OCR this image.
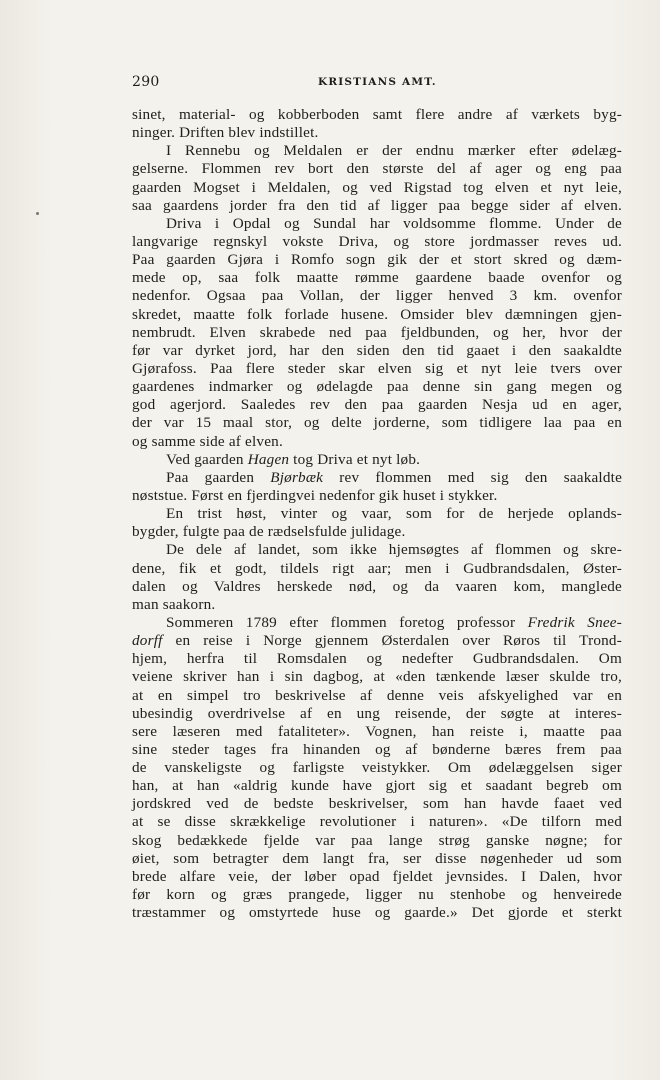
290	KRISTIANS AMT.
sinet, material- og kobberboden samt flere andre af værkets byg-
ninger. Driften blev indstillet.
I Rennebu og Meldalen er der endnu mærker efter ødelæg-
gelserne. Flommen rev bort den største del af ager og eng paa
gaarden Mogset i Meldalen, og ved Rigstad tog elven et nyt leie,
saa gaardens jorder fra den tid af ligger paa begge sider af elven.
Driva i Opdal og Sundal har voldsomme flomme. Under de
langvarige regnskyl vokste Driva, og store jordmasser reves ud.
Paa gaarden Gjøra i Romfo sogn gik der et stort skred og dæm-
mede op, saa folk maatte rømme gaardene baade ovenfor og
nedenfor. Ogsaa paa Vollan, der ligger henved 3 km. ovenfor
skredet, maatte folk forlade husene. Omsider blev dæmningen gjen-
nembrudt. Elven skrabede ned paa fjeldbunden, og her, hvor der
før var dyrket jord, har den siden den tid gaaet i den saakaldte
Gjørafoss. Paa flere steder skar elven sig et nyt leie tvers over
gaardenes indmarker og ødelagde paa denne sin gang megen og
god agerjord. Saaledes rev den paa gaarden Nesja ud en ager,
der var 15 maal stor, og delte jorderne, som tidligere laa paa en
og samme side af elven.
Ved gaarden Hagen tog Driva et nyt løb.
Paa gaarden Bjørbæk rev flommen med sig den saakaldte
nøststue. Først en fjerdingvei nedenfor gik huset i stykker.
En trist høst, vinter og vaar, som for de herjede oplands-
bygder, fulgte paa de rædselsfulde julidage.
De dele af landet, som ikke hjemsøgtes af flommen og skre-
dene, fik et godt, tildels rigt aar; men i Gudbrandsdalen, Øster-
dalen og Valdres herskede nød, og da vaaren kom, manglede
man saakorn.
Sommeren 1789 efter flommen foretog professor Fredrik Snee-
dorff en reise i Norge gjennem Østerdalen over Røros til Trond-
hjem, herfra til Romsdalen og nedefter Gudbrandsdalen. Om
veiene skriver han i sin dagbog, at «den tænkende læser skulde tro,
at en simpel tro beskrivelse af denne veis afskyelighed var en
ubesindig overdrivelse af en ung reisende, der søgte at interes-
sere læseren med fataliteter». Vognen, han reiste i, maatte paa
sine steder tages fra hinanden og af bønderne bæres frem paa
de vanskeligste og farligste veistykker. Om ødelæggelsen siger
han, at han «aldrig kunde have gjort sig et saadant begreb om
jordskred ved de bedste beskrivelser, som han havde faaet ved
at se disse skrækkelige revolutioner i naturen». «De tilforn med
skog bedækkede fjelde var paa lange strøg ganske nøgne; for
øiet, som betragter dem langt fra, ser disse nøgenheder ud som
brede alfare veie, der løber opad fjeldet jevnsides. I Dalen, hvor
før korn og græs prangede, ligger nu stenhobe og henveirede
træstammer og omstyrtede huse og gaarde.» Det gjorde et sterkt
